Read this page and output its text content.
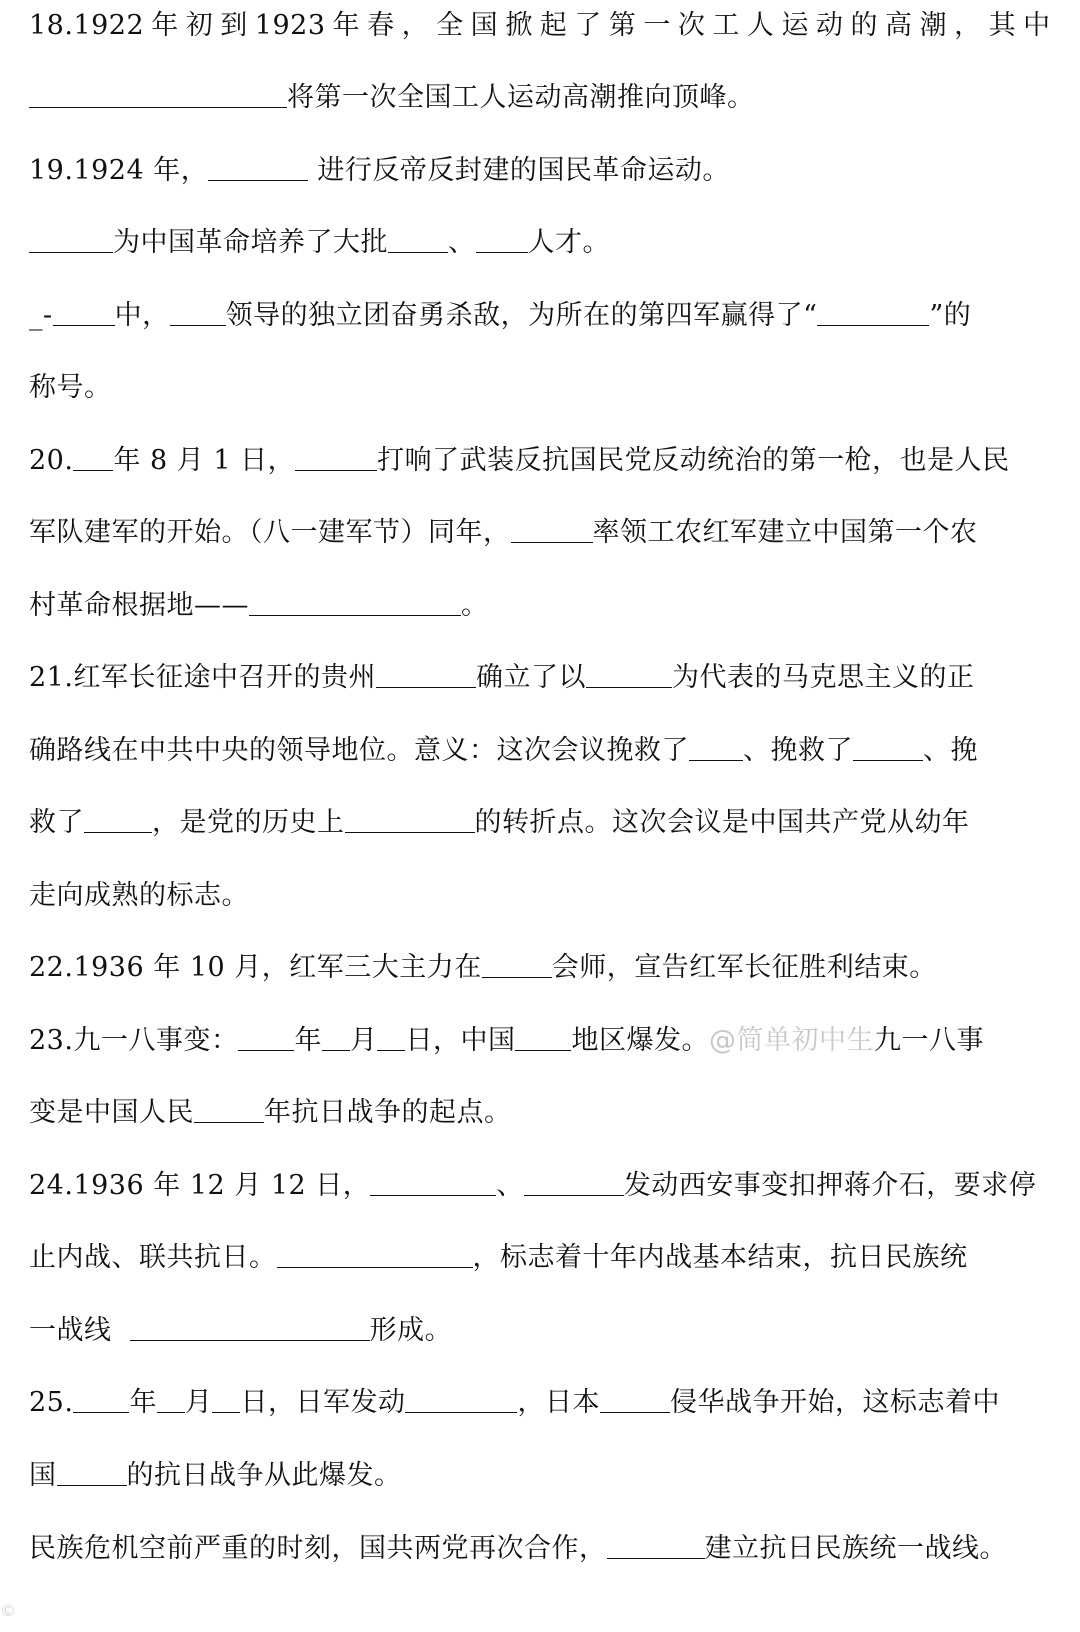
18.1922 年 初 到 1923 年 春 ， 全 国 掀 起 了 第 一 次 工 人 运 动 的 高 潮 ， 其 中
将第一次全国工人运动高潮推向顶峰。
19.1924 年，	进行反帝反封建的国民革命运动。
为中国革命培养了大批 、 人才。
_- 中， 领导的独立团奋勇杀敌，为所在的第四军赢得了“	”的
称号。
20. 年 8 月 1 日，	打响了武装反抗国民党反动统治的第一枪，也是人民
军队建军的开始。（八一建军节）同年，	率领工农红军建立中国第一个农
村革命根据地——	。
21.红军长征途中召开的贵州	确立了以	为代表的马克思主义的正
确路线在中共中央的领导地位。意义：这次会议挽救了 、挽救了	、挽
救了	，是党的历史上	的转折点。这次会议是中国共产党从幼年
走向成熟的标志。
22.1936 年 10 月，红军三大主力在	会师，宣告红军长征胜利结束。
23.九一八事变： 年 月 日，中国 地区爆发。@简单初中生九一八事
变是中国人民	年抗日战争的起点。
24.1936 年 12 月 12 日，	、	发动西安事变扣押蒋介石，要求停
止内战、联共抗日。	，标志着十年内战基本结束，抗日民族统
一战线	形成。
25. 年 月 日，日军发动	，日本	侵华战争开始，这标志着中
国	的抗日战争从此爆发。
民族危机空前严重的时刻，国共两党再次合作，	建立抗日民族统一战线。
©
